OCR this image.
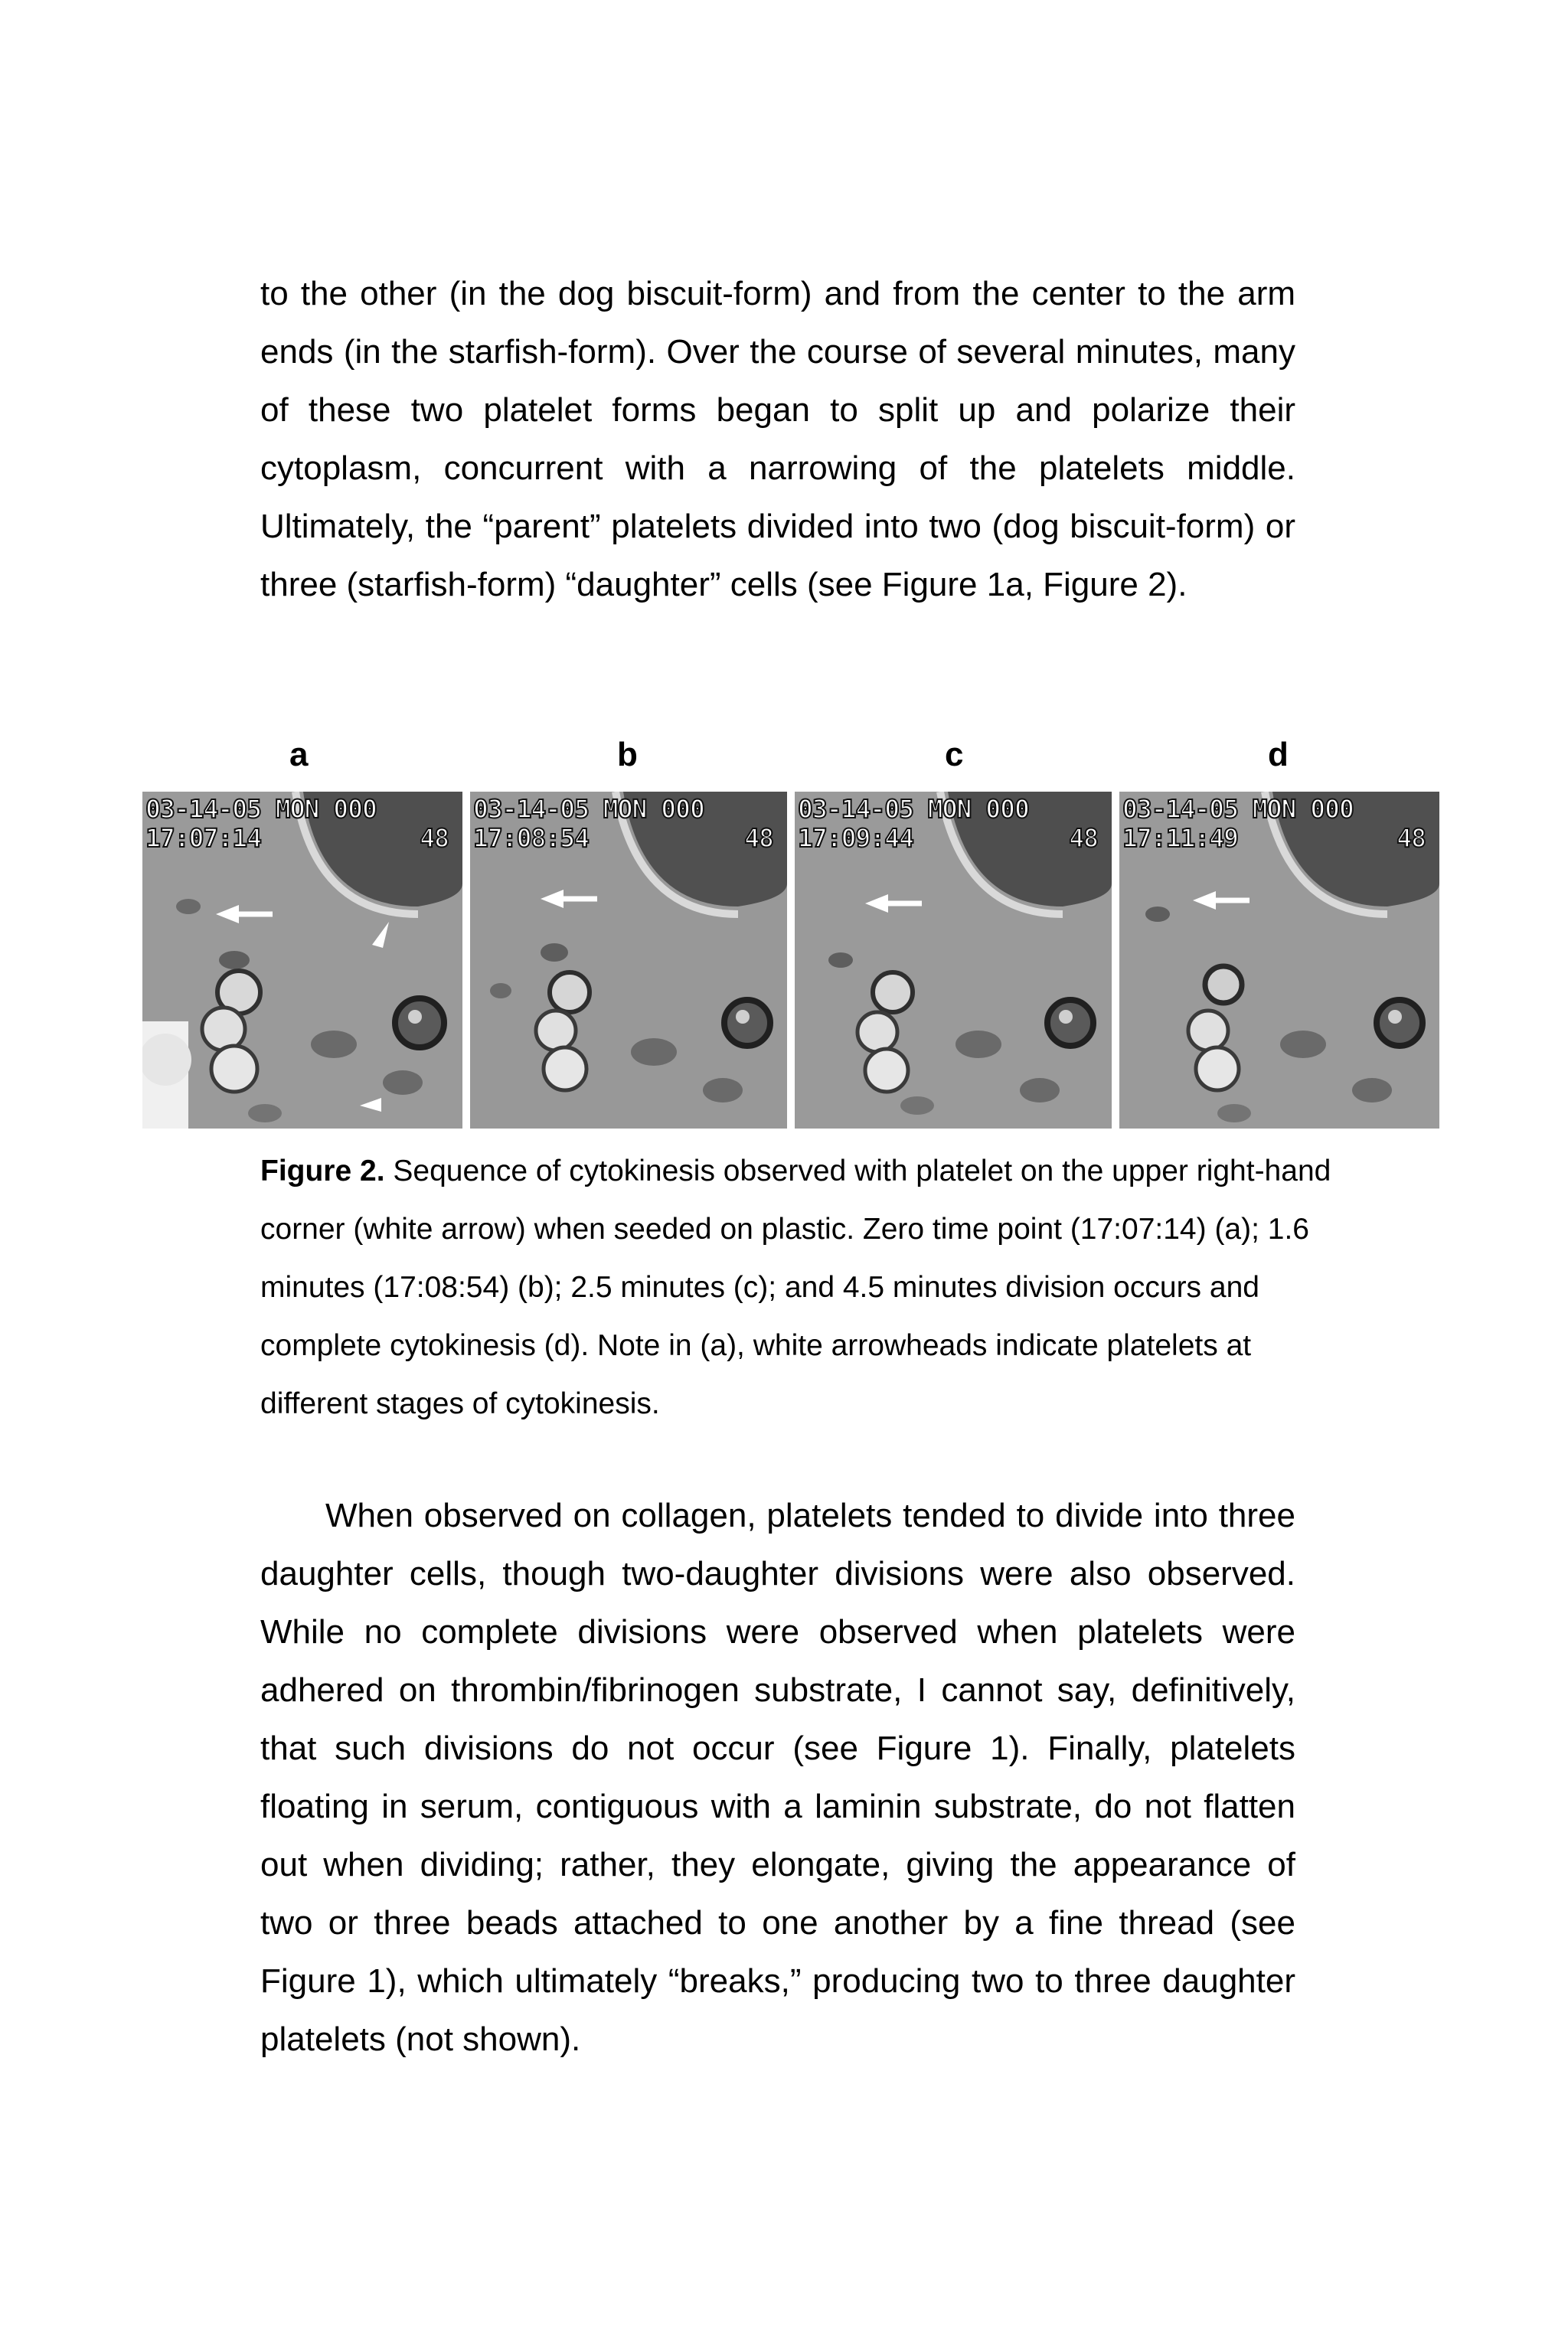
to the other (in the dog biscuit-form) and from the center to the arm ends (in the starfish-form). Over the course of several minutes, many of these two platelet forms began to split up and polarize their cytoplasm, concurrent with a narrowing of the platelets middle. Ultimately, the “parent” platelets divided into two (dog biscuit-form) or three (starfish-form) “daughter” cells (see Figure 1a, Figure 2).

a	b	c	d
03-14-05 MON 000
17:07:14	48
03-14-05 MON 000
17:08:54	48
03-14-05 MON 000
17:09:44	48
03-14-05 MON 000
17:11:49	48

Figure 2. Sequence of cytokinesis observed with platelet on the upper right-hand corner (white arrow) when seeded on plastic. Zero time point (17:07:14) (a); 1.6 minutes (17:08:54) (b); 2.5 minutes (c); and 4.5 minutes division occurs and complete cytokinesis (d). Note in (a), white arrowheads indicate platelets at different stages of cytokinesis.

When observed on collagen, platelets tended to divide into three daughter cells, though two-daughter divisions were also observed. While no complete divisions were observed when platelets were adhered on thrombin/fibrinogen substrate, I cannot say, definitively, that such divisions do not occur (see Figure 1). Finally, platelets floating in serum, contiguous with a laminin substrate, do not flatten out when dividing; rather, they elongate, giving the appearance of two or three beads attached to one another by a fine thread (see Figure 1), which ultimately “breaks,” producing two to three daughter platelets (not shown).
